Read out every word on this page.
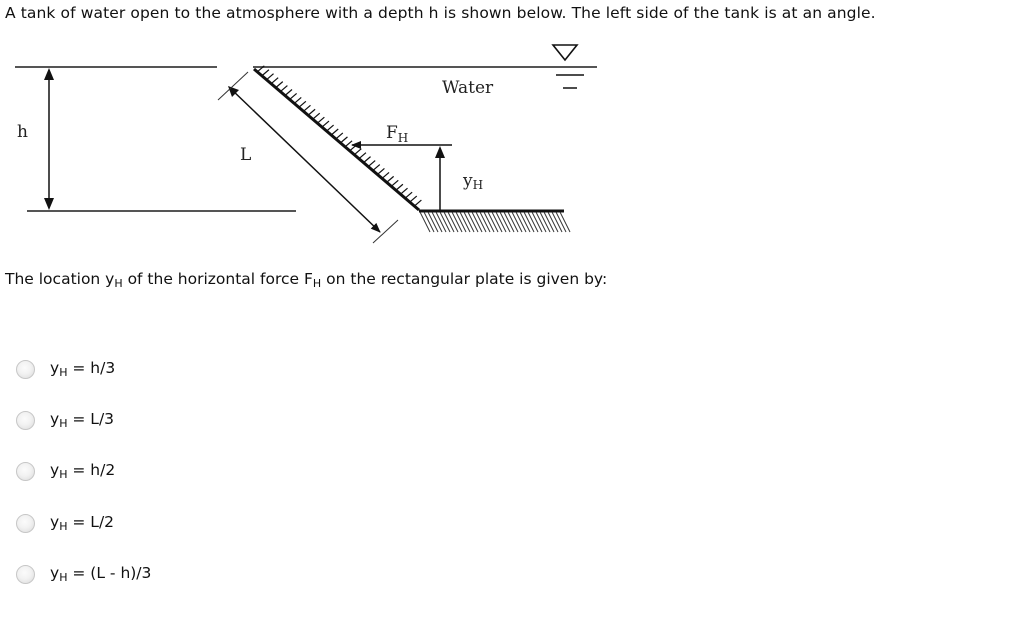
A tank of water open to the atmosphere with a depth h is shown below. The left side of the tank is at an angle.
h
L
$F_H$
yH
Water
The location $y_H$ of the horizontal force $F_H$ on the rectangular plate is given by:
$y_H = h/3$
$y_H = L/3$
$y_H = h/2$
$y_H = L/2$
$y_H = (L - h)/3$
